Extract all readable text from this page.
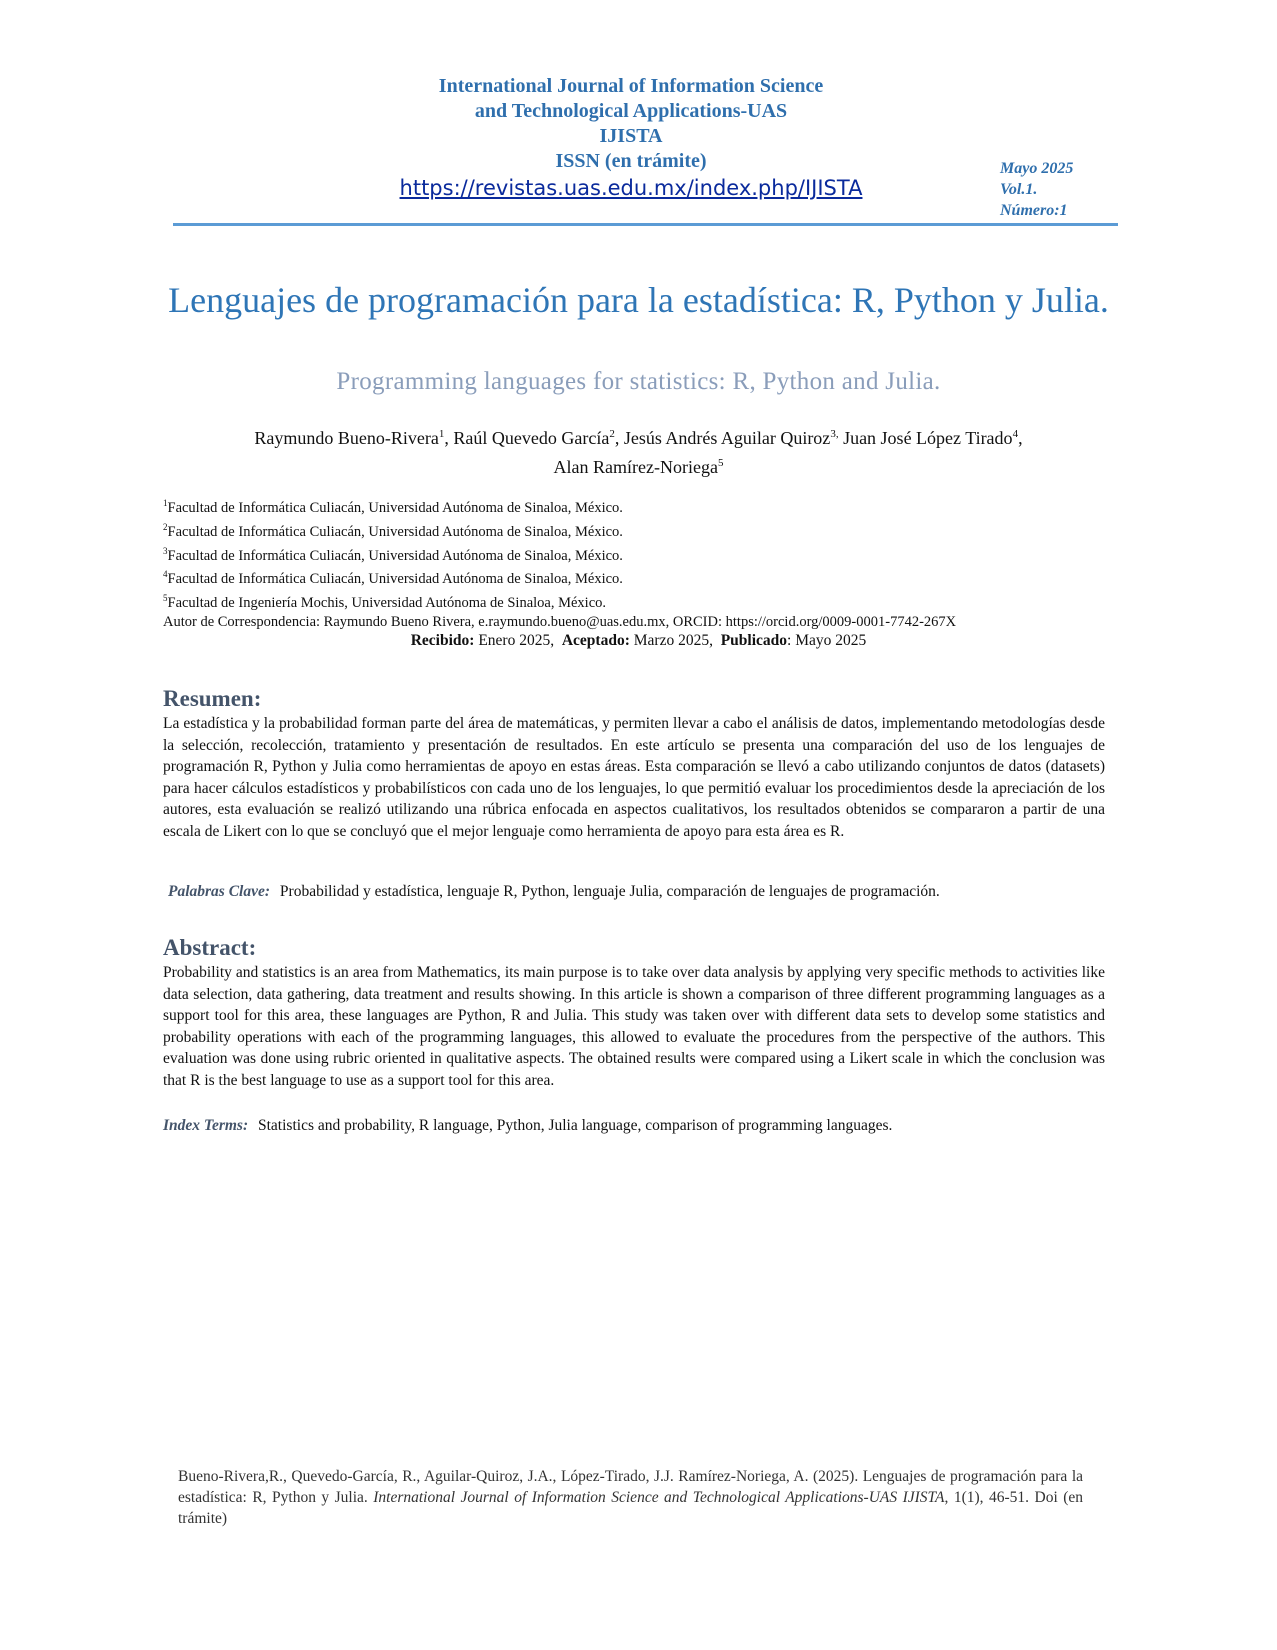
International Journal of Information Science
and Technological Applications-UAS
IJISTA
ISSN (en trámite)
https://revistas.uas.edu.mx/index.php/IJISTA
Mayo 2025
Vol.1.
Número:1
Lenguajes de programación para la estadística: R, Python y Julia.
Programming languages for statistics: R, Python and Julia.
Raymundo Bueno-Rivera$^1$, Raúl Quevedo García$^2$, Jesús Andrés Aguilar Quiroz$^{3,}$ Juan José López Tirado$^4$,
Alan Ramírez-Noriega$^5$
$^1$Facultad de Informática Culiacán, Universidad Autónoma de Sinaloa, México.
$^2$Facultad de Informática Culiacán, Universidad Autónoma de Sinaloa, México.
$^3$Facultad de Informática Culiacán, Universidad Autónoma de Sinaloa, México.
$^4$Facultad de Informática Culiacán, Universidad Autónoma de Sinaloa, México.
$^5$Facultad de Ingeniería Mochis, Universidad Autónoma de Sinaloa, México.
Autor de Correspondencia: Raymundo Bueno Rivera, e.raymundo.bueno@uas.edu.mx, ORCID: https://orcid.org/0009-0001-7742-267X
Recibido: Enero 2025, Aceptado: Marzo 2025, Publicado: Mayo 2025
Resumen:
La estadística y la probabilidad forman parte del área de matemáticas, y permiten llevar a cabo el análisis de datos, implementando metodologías desde la selección, recolección, tratamiento y presentación de resultados. En este artículo se presenta una comparación del uso de los lenguajes de programación R, Python y Julia como herramientas de apoyo en estas áreas. Esta comparación se llevó a cabo utilizando conjuntos de datos (datasets) para hacer cálculos estadísticos y probabilísticos con cada uno de los lenguajes, lo que permitió evaluar los procedimientos desde la apreciación de los autores, esta evaluación se realizó utilizando una rúbrica enfocada en aspectos cualitativos, los resultados obtenidos se compararon a partir de una escala de Likert con lo que se concluyó que el mejor lenguaje como herramienta de apoyo para esta área es R.
Palabras Clave: Probabilidad y estadística, lenguaje R, Python, lenguaje Julia, comparación de lenguajes de programación.
Abstract:
Probability and statistics is an area from Mathematics, its main purpose is to take over data analysis by applying very specific methods to activities like data selection, data gathering, data treatment and results showing. In this article is shown a comparison of three different programming languages as a support tool for this area, these languages are Python, R and Julia. This study was taken over with different data sets to develop some statistics and probability operations with each of the programming languages, this allowed to evaluate the procedures from the perspective of the authors. This evaluation was done using rubric oriented in qualitative aspects. The obtained results were compared using a Likert scale in which the conclusion was that R is the best language to use as a support tool for this area.
Index Terms: Statistics and probability, R language, Python, Julia language, comparison of programming languages.
Bueno-Rivera,R., Quevedo-García, R., Aguilar-Quiroz, J.A., López-Tirado, J.J. Ramírez-Noriega, A. (2025). Lenguajes de programación para la estadística: R, Python y Julia. International Journal of Information Science and Technological Applications-UAS IJISTA, 1(1), 46-51. Doi (en trámite)
